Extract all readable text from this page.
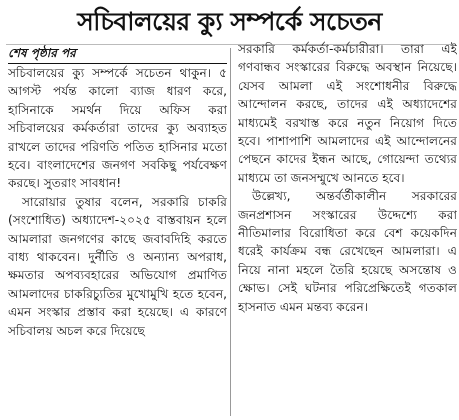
সচিবালয়ের ক্যু সম্পর্কে সচেতন
শেষ পৃষ্ঠার পর

সচিবালয়ের ক্যু সম্পর্কে সচেতন থাকুন। ৫ আগস্ট পর্যন্ত কালো ব্যাজ ধারণ করে, হাসিনাকে সমর্থন দিয়ে অফিস করা সচিবালয়ের কর্মকর্তারা তাদের ক্যু অব্যাহত রাখলে তাদের পরিণতি পতিত হাসিনার মতো হবে। বাংলাদেশের জনগণ সবকিছু পর্যবেক্ষণ করছে। সুতরাং সাবধান!

সারোয়ার তুষার বলেন, সরকারি চাকরি (সংশোধিত) অধ্যাদেশ-২০২৫ বাস্তবায়ন হলে আমলারা জনগণের কাছে জবাবদিহি করতে বাধ্য থাকবেন। দুর্নীতি ও অন্যান্য অপরাধ, ক্ষমতার অপব্যবহারের অভিযোগ প্রমাণিত আমলাদের চাকরিচ্যুতির মুখোমুখি হতে হবেন, এমন সংস্কার প্রস্তাব করা হয়েছে। এ কারণে সচিবালয় অচল করে দিয়েছে

সরকারি কর্মকর্তা-কর্মচারীরা। তারা এই গণবান্ধব সংস্কারের বিরুদ্ধে অবস্থান নিয়েছে। যেসব আমলা এই সংশোধনীর বিরুদ্ধে আন্দোলন করছে, তাদের এই অধ্যাদেশের মাধ্যমেই বরখাস্ত করে নতুন নিয়োগ দিতে হবে। পাশাপাশি আমলাদের এই আন্দোলনের পেছনে কাদের ইন্ধন আছে, গোয়েন্দা তথ্যের মাধ্যমে তা জনসম্মুখে আনতে হবে।

উল্লেখ্য, অন্তর্বর্তীকালীন সরকারের জনপ্রশাসন সংস্কারের উদ্দেশ্যে করা নীতিমালার বিরোধিতা করে বেশ কয়েকদিন ধরেই কার্যক্রম বন্ধ রেখেছেন আমলারা। এ নিয়ে নানা মহলে তৈরি হয়েছে অসন্তোষ ও ক্ষোভ। সেই ঘটনার পরিপ্রেক্ষিতেই গতকাল হাসনাত এমন মন্তব্য করেন।
